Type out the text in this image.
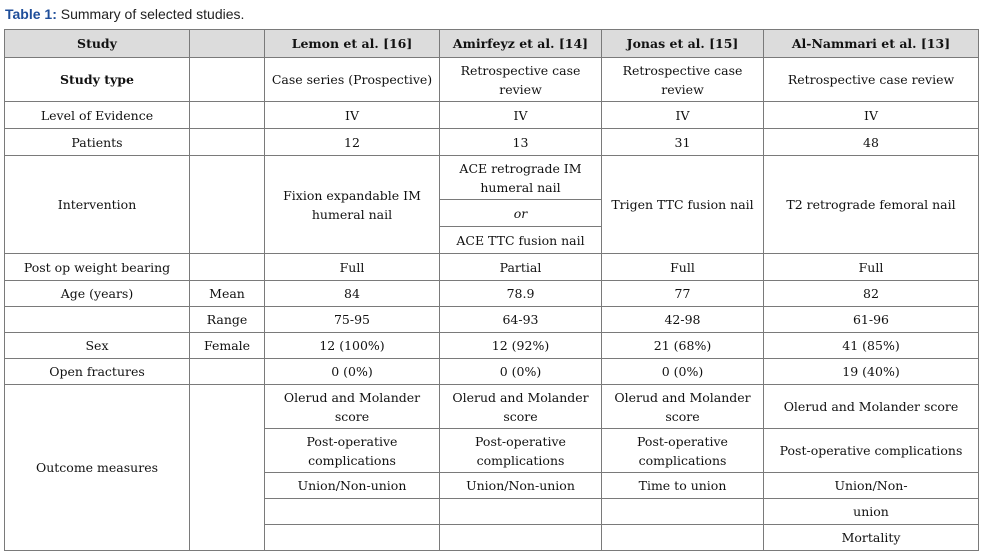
Table 1: Summary of selected studies.
Study		Lemon et al. [16]	Amirfeyz et al. [14]	Jonas et al. [15]	Al-Nammari et al. [13]
Study type		Case series (Prospective)	Retrospective case review	Retrospective case review	Retrospective case review
Level of Evidence		IV	IV	IV	IV
Patients		12	13	31	48
Intervention		Fixion expandable IM humeral nail	ACE retrograde IM humeral nail	Trigen TTC fusion nail	T2 retrograde femoral nail
			or		
			ACE TTC fusion nail		
Post op weight bearing		Full	Partial	Full	Full
Age (years)	Mean	84	78.9	77	82
	Range	75-95	64-93	42-98	61-96
Sex	Female	12 (100%)	12 (92%)	21 (68%)	41 (85%)
Open fractures		0 (0%)	0 (0%)	0 (0%)	19 (40%)
Outcome measures		Olerud and Molander score	Olerud and Molander score	Olerud and Molander score	Olerud and Molander score
		Post-operative complications	Post-operative complications	Post-operative complications	Post-operative complications
		Union/Non-union	Union/Non-union	Time to union	Union/Non-
					union
					Mortality
